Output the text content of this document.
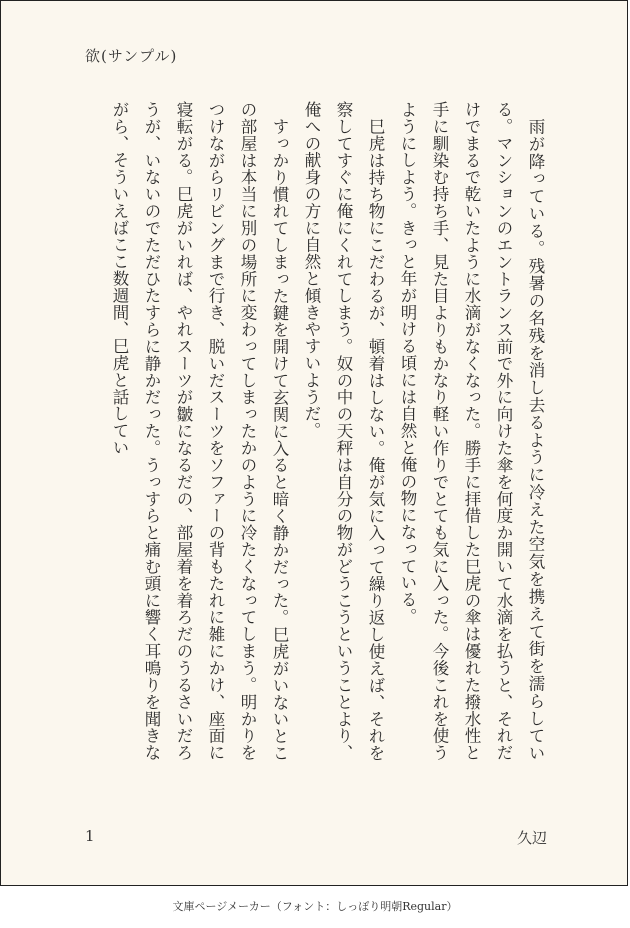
欲(サンプル)

雨が降っている。残暑の名残を消し去るように冷えた空気を携えて街を濡らしている。マンションのエントランス前で外に向けた傘を何度か開いて水滴を払うと、それだけでまるで乾いたように水滴がなくなった。勝手に拝借した巳虎の傘は優れた撥水性と手に馴染む持ち手、見た目よりもかなり軽い作りでとても気に入った。今後これを使うようにしよう。きっと年が明ける頃には自然と俺の物になっている。

巳虎は持ち物にこだわるが、頓着はしない。俺が気に入って繰り返し使えば、それを察してすぐに俺にくれてしまう。奴の中の天秤は自分の物がどうこうということより、俺への献身の方に自然と傾きやすいようだ。

すっかり慣れてしまった鍵を開けて玄関に入ると暗く静かだった。巳虎がいないとこの部屋は本当に別の場所に変わってしまったかのように冷たくなってしまう。明かりをつけながらリビングまで行き、脱いだスーツをソファーの背もたれに雑にかけ、座面に寝転がる。巳虎がいれば、やれスーツが皺になるだの、部屋着を着ろだのうるさいだろうが、いないのでただひたすらに静かだった。うっすらと痛む頭に響く耳鳴りを聞きながら、そういえばここ数週間、巳虎と話してい

1	久辺
文庫ページメーカー（フォント：しっぽり明朝Regular）
